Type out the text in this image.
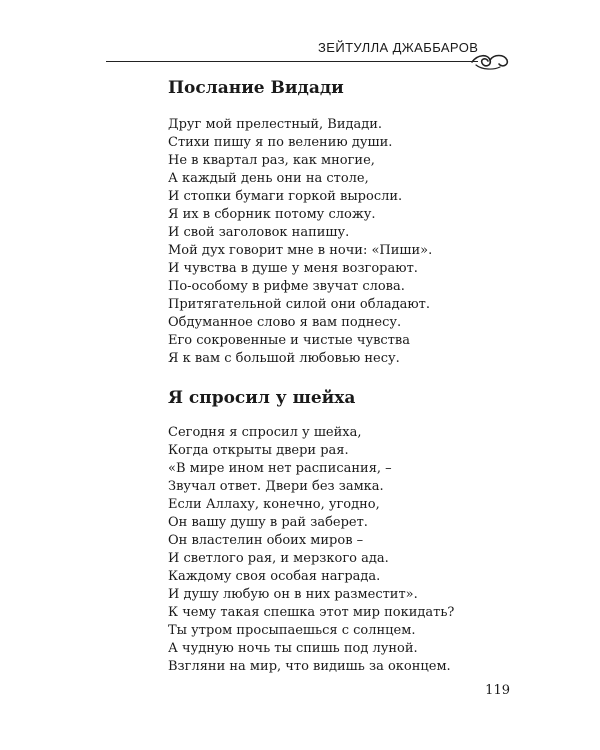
ЗЕЙТУЛЛА ДЖАББАРОВ
Послание Видади
Друг мой прелестный, Видади.
Стихи пишу я по велению души.
Не в квартал раз, как многие,
А каждый день они на столе,
И стопки бумаги горкой выросли.
Я их в сборник потому сложу.
И свой заголовок напишу.
Мой дух говорит мне в ночи: «Пиши».
И чувства в душе у меня возгорают.
По-особому в рифме звучат слова.
Притягательной силой они обладают.
Обдуманное слово я вам поднесу.
Его сокровенные и чистые чувства
Я к вам с большой любовью несу.
Я спросил у шейха
Сегодня я спросил у шейха,
Когда открыты двери рая.
«В мире ином нет расписания, –
Звучал ответ. Двери без замка.
Если Аллаху, конечно, угодно,
Он вашу душу в рай заберет.
Он властелин обоих миров –
И светлого рая, и мерзкого ада.
Каждому своя особая награда.
И душу любую он в них разместит».
К чему такая спешка этот мир покидать?
Ты утром просыпаешься с солнцем.
А чудную ночь ты спишь под луной.
Взгляни на мир, что видишь за оконцем.
119
